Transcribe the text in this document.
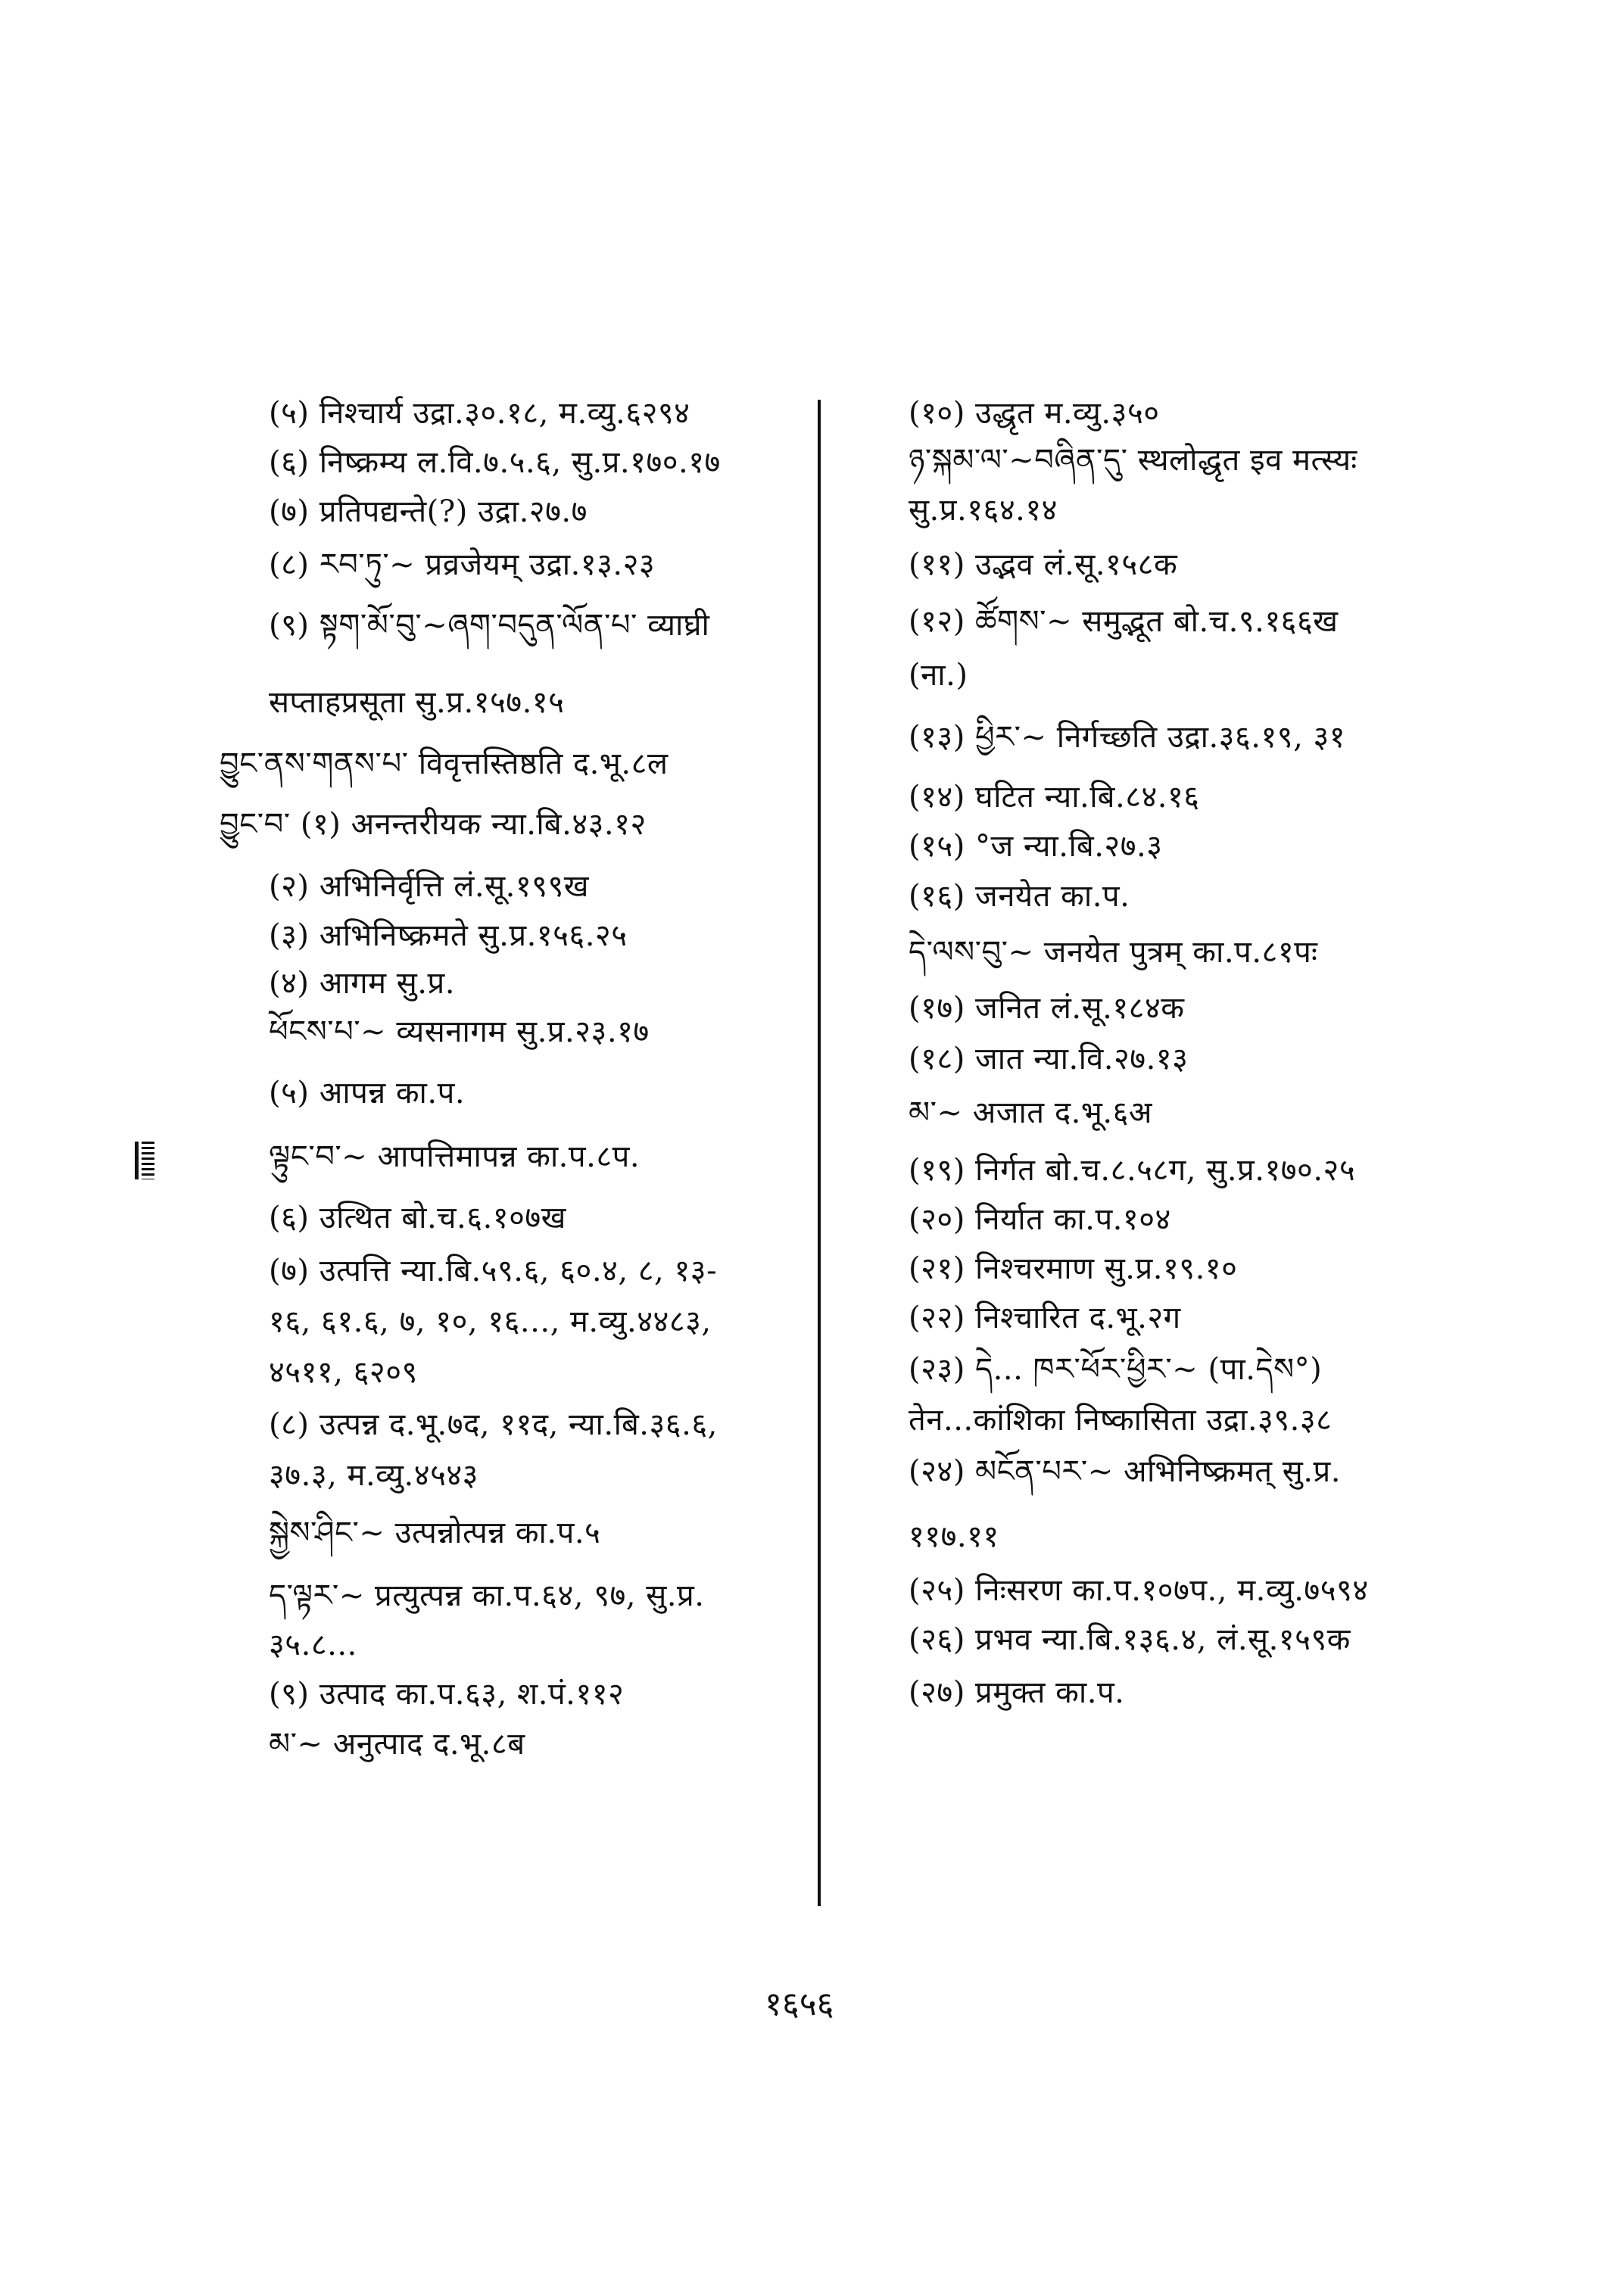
(५) निश्चार्य उद्रा.३०.१८, म.व्यु.६२९४
(६) निष्क्रम्य ल.वि.७.५.६, सु.प्र.१७०.१७
(७) प्रतिपद्यन्ते(?) उद्रा.२७.७
(८) རབ་ཏུ་~ प्रव्रजेयम् उद्रा.१३.२३
(९) སྟག་མོ་བུ་~ཞག་བདུན་ལོན་པ་ व्याघ्री
सप्ताहप्रसूता सु.प्र.१५७.१५
བྱུང་ནས་གནས་པ་ विवृत्तस्तिष्ठति द.भू.८ल
བྱུང་བ་ (१) अनन्तरीयक न्या.बि.४३.१२
(२) अभिनिर्वृत्ति लं.सू.१९९ख
(३) अभिनिष्क्रमते सु.प्र.१५६.२५
(४) आगम सु.प्र.
ཕོངས་པ་~ व्यसनागम सु.प्र.२३.१७
(५) आपन्न का.प.
ལྟུང་བ་~ आपत्तिमापन्न का.प.८प.
(६) उत्थित बो.च.६.१०७ख
(७) उत्पत्ति न्या.बि.५९.६, ६०.४, ८, १३-
१६, ६१.६, ७, १०, १६..., म.व्यु.४४८३,
४५११, ६२०९
(८) उत्पन्न द.भू.७द, ११द, न्या.बि.३६.६,
३७.३, म.व्यु.४५४३
སྐྱེས་ཤིང་~ उत्पन्नोत्पन्न का.प.५
ད་ལྟར་~ प्रत्युत्पन्न का.प.६४, ९७, सु.प्र.
३५.८...
(९) उत्पाद का.प.६३, श.पं.११२
མ་~ अनुत्पाद द.भू.८ब
(१०) उद्धृत म.व्यु.३५०
ཉ་སྐམ་ལ་~བཞིན་དུ་ स्थलोद्धृत इव मत्स्यः
सु.प्र.१६४.१४
(११) उद्भव लं.सू.१५८क
(१२) ཚོགས་~ समुद्भूत बो.च.९.१६६ख
(ना.)
(१३) ཕྱིར་~ निर्गच्छति उद्रा.३६.१९, ३१
(१४) घटित न्या.बि.८४.१६
(१५) °ज न्या.बि.२७.३
(१६) जनयेत का.प.
དེ་ལས་བུ་~ जनयेत पुत्रम् का.प.८१पः
(१७) जनित लं.सू.१८४क
(१८) जात न्या.वि.२७.१३
མ་~ अजात द.भू.६अ
(१९) निर्गत बो.च.८.५८ग, सु.प्र.१७०.२५
(२०) निर्यात का.प.१०४
(२१) निश्चरमाण सु.प्र.१९.१०
(२२) निश्चारित द.भू.२ग
(२३) དེ... ཁར་ཕོར་ཕྱིར་~ (पा.དེས°)
तेन...कांशिका निष्कासिता उद्रा.३९.३८
(२४) མངོན་པར་~ अभिनिष्क्रमत् सु.प्र.
११७.११
(२५) निःसरण का.प.१०७प., म.व्यु.७५९४
(२६) प्रभव न्या.बि.१३६.४, लं.सू.१५९क
(२७) प्रमुक्त का.प.
१६५६
